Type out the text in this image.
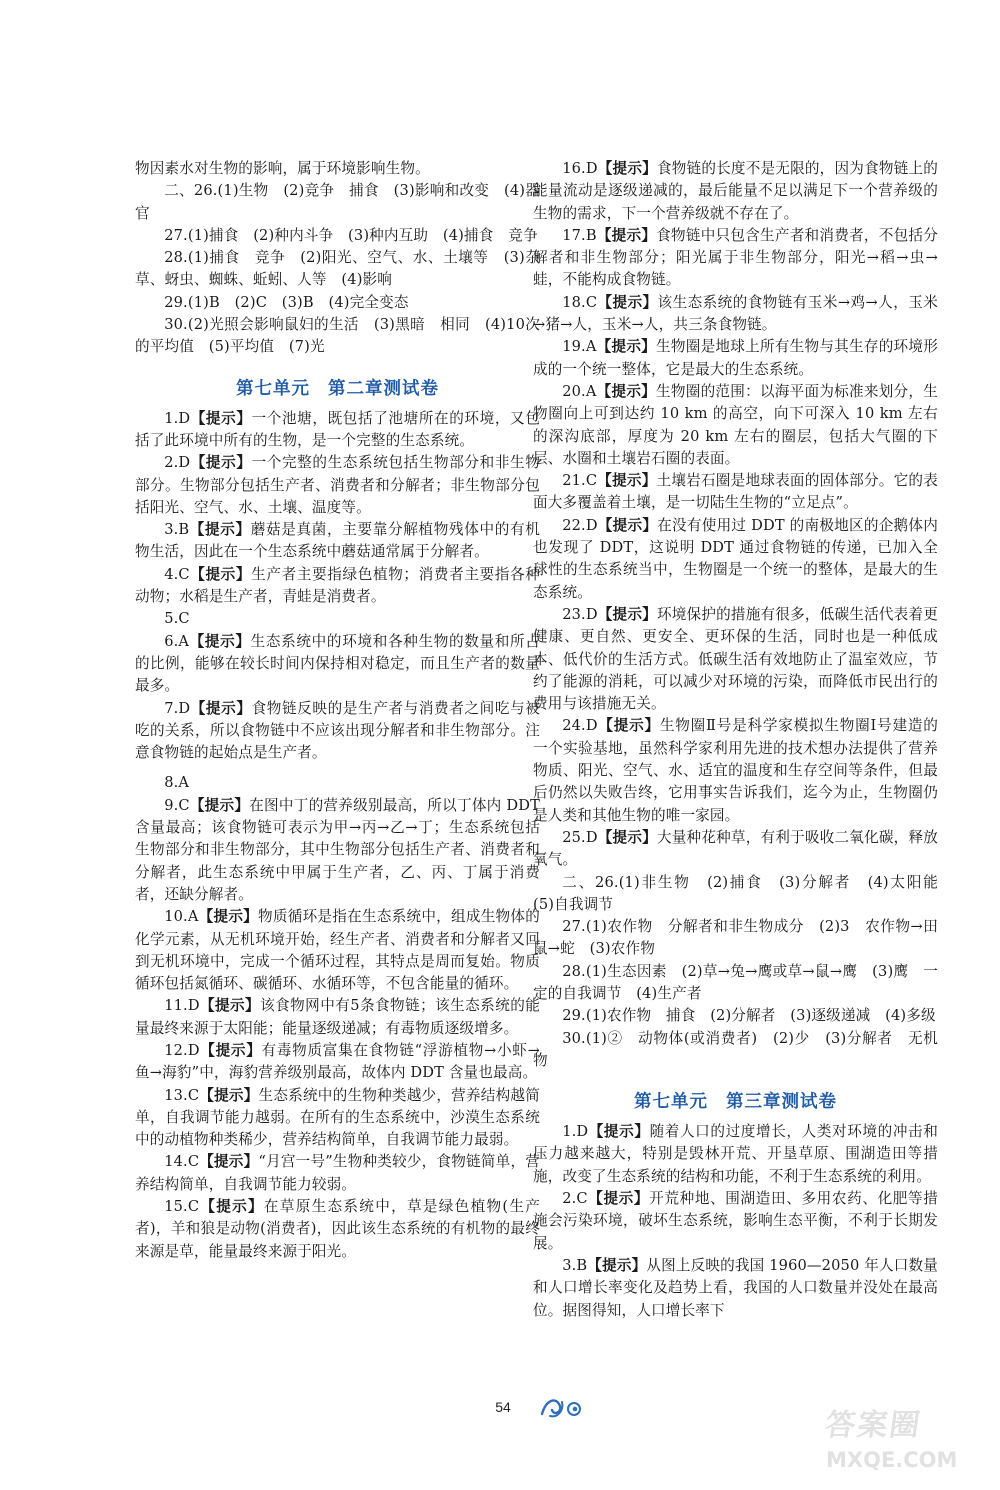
物因素水对生物的影响，属于环境影响生物。

二、26.(1)生物　(2)竞争　捕食　(3)影响和改变　(4)器官

27.(1)捕食　(2)种内斗争　(3)种内互助　(4)捕食　竞争

28.(1)捕食　竞争　(2)阳光、空气、水、土壤等　(3)杂草、蚜虫、蜘蛛、蚯蚓、人等　(4)影响

29.(1)B　(2)C　(3)B　(4)完全变态

30.(2)光照会影响鼠妇的生活　(3)黑暗　相同　(4)10次的平均值　(5)平均值　(7)光

第七单元 第二章测试卷

1.D【提示】一个池塘，既包括了池塘所在的环境，又包括了此环境中所有的生物，是一个完整的生态系统。

2.D【提示】一个完整的生态系统包括生物部分和非生物部分。生物部分包括生产者、消费者和分解者；非生物部分包括阳光、空气、水、土壤、温度等。

3.B【提示】蘑菇是真菌，主要靠分解植物残体中的有机物生活，因此在一个生态系统中蘑菇通常属于分解者。

4.C【提示】生产者主要指绿色植物；消费者主要指各种动物；水稻是生产者，青蛙是消费者。

5.C

6.A【提示】生态系统中的环境和各种生物的数量和所占的比例，能够在较长时间内保持相对稳定，而且生产者的数量最多。

7.D【提示】食物链反映的是生产者与消费者之间吃与被吃的关系，所以食物链中不应该出现分解者和非生物部分。注意食物链的起始点是生产者。

8.A

9.C【提示】在图中丁的营养级别最高，所以丁体内 DDT 含量最高；该食物链可表示为甲→丙→乙→丁；生态系统包括生物部分和非生物部分，其中生物部分包括生产者、消费者和分解者，此生态系统中甲属于生产者，乙、丙、丁属于消费者，还缺分解者。

10.A【提示】物质循环是指在生态系统中，组成生物体的化学元素，从无机环境开始，经生产者、消费者和分解者又回到无机环境中，完成一个循环过程，其特点是周而复始。物质循环包括氮循环、碳循环、水循环等，不包含能量的循环。

11.D【提示】该食物网中有5条食物链；该生态系统的能量最终来源于太阳能；能量逐级递减；有毒物质逐级增多。

12.D【提示】有毒物质富集在食物链“浮游植物→小虾→鱼→海豹”中，海豹营养级别最高，故体内 DDT 含量也最高。

13.C【提示】生态系统中的生物种类越少，营养结构越简单，自我调节能力越弱。在所有的生态系统中，沙漠生态系统中的动植物种类稀少，营养结构简单，自我调节能力最弱。

14.C【提示】“月宫一号”生物种类较少，食物链简单，营养结构简单，自我调节能力较弱。

15.C【提示】在草原生态系统中，草是绿色植物(生产者)，羊和狼是动物(消费者)，因此该生态系统的有机物的最终来源是草，能量最终来源于阳光。

16.D【提示】食物链的长度不是无限的，因为食物链上的能量流动是逐级递减的，最后能量不足以满足下一个营养级的生物的需求，下一个营养级就不存在了。

17.B【提示】食物链中只包含生产者和消费者，不包括分解者和非生物部分；阳光属于非生物部分，阳光→稻→虫→蛙，不能构成食物链。

18.C【提示】该生态系统的食物链有玉米→鸡→人，玉米→猪→人，玉米→人，共三条食物链。

19.A【提示】生物圈是地球上所有生物与其生存的环境形成的一个统一整体，它是最大的生态系统。

20.A【提示】生物圈的范围：以海平面为标准来划分，生物圈向上可到达约 10 km 的高空，向下可深入 10 km 左右的深沟底部，厚度为 20 km 左右的圈层，包括大气圈的下层、水圈和土壤岩石圈的表面。

21.C【提示】土壤岩石圈是地球表面的固体部分。它的表面大多覆盖着土壤，是一切陆生生物的“立足点”。

22.D【提示】在没有使用过 DDT 的南极地区的企鹅体内也发现了 DDT，这说明 DDT 通过食物链的传递，已加入全球性的生态系统当中，生物圈是一个统一的整体，是最大的生态系统。

23.D【提示】环境保护的措施有很多，低碳生活代表着更健康、更自然、更安全、更环保的生活，同时也是一种低成本、低代价的生活方式。低碳生活有效地防止了温室效应，节约了能源的消耗，可以减少对环境的污染，而降低市民出行的费用与该措施无关。

24.D【提示】生物圈Ⅱ号是科学家模拟生物圈Ⅰ号建造的一个实验基地，虽然科学家利用先进的技术想办法提供了营养物质、阳光、空气、水、适宜的温度和生存空间等条件，但最后仍然以失败告终，它用事实告诉我们，迄今为止，生物圈仍是人类和其他生物的唯一家园。

25.D【提示】大量种花种草，有利于吸收二氧化碳，释放氧气。

二、26.(1)非生物　(2)捕食　(3)分解者　(4)太阳能　(5)自我调节

27.(1)农作物　分解者和非生物成分　(2)3　农作物→田鼠→蛇　(3)农作物

28.(1)生态因素　(2)草→兔→鹰或草→鼠→鹰　(3)鹰　一定的自我调节　(4)生产者

29.(1)农作物　捕食　(2)分解者　(3)逐级递减　(4)多级

30.(1)②　动物体(或消费者)　(2)少　(3)分解者　无机物

第七单元 第三章测试卷

1.D【提示】随着人口的过度增长，人类对环境的冲击和压力越来越大，特别是毁林开荒、开垦草原、围湖造田等措施，改变了生态系统的结构和功能，不利于生态系统的利用。

2.C【提示】开荒种地、围湖造田、多用农药、化肥等措施会污染环境，破坏生态系统，影响生态平衡，不利于长期发展。

3.B【提示】从图上反映的我国 1960—2050 年人口数量和人口增长率变化及趋势上看，我国的人口数量并没处在最高位。据图得知，人口增长率下

54
答案圈
MXQE.COM
